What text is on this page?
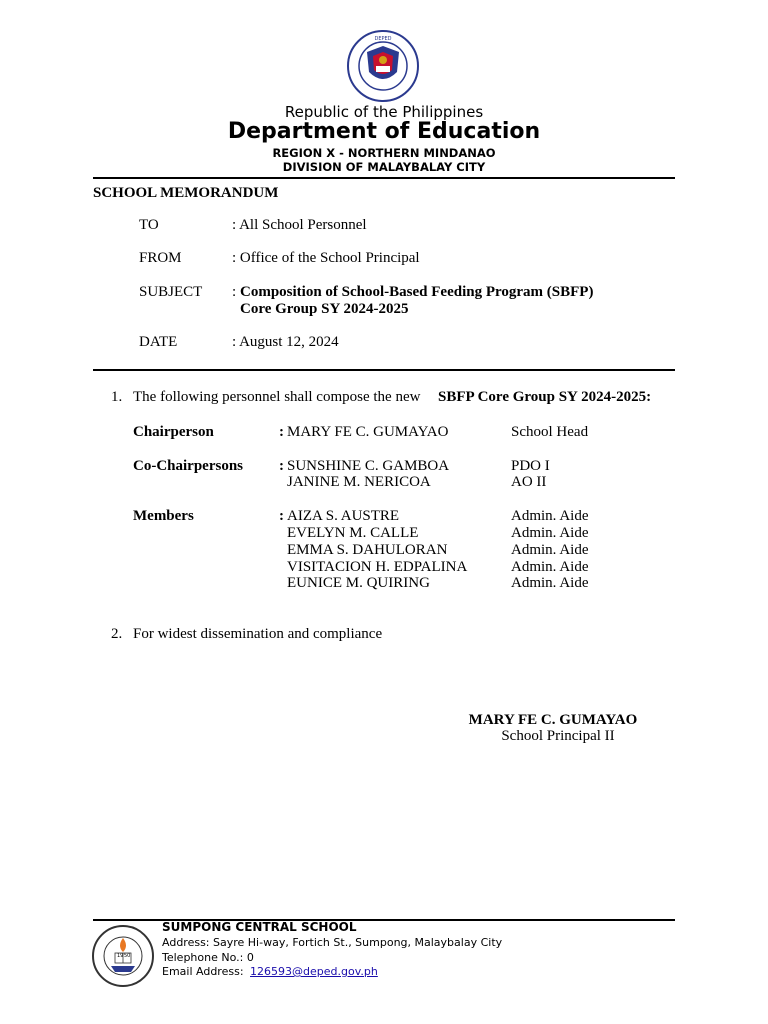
DEPED
Republic of the Philippines
Department of Education
REGION X - NORTHERN MINDANAO
DIVISION OF MALAYBALAY CITY
SCHOOL MEMORANDUM
TO	: All School Personnel
FROM	: Office of the School Principal
SUBJECT : Composition of School-Based Feeding Program (SBFP)
Core Group SY 2024-2025
DATE	: August 12, 2024
1. The following personnel shall compose the new SBFP Core Group SY 2024-2025:
Chairperson	: MARY FE C. GUMAYAO	School Head
Co-Chairpersons : SUNSHINE C. GAMBOA	PDO I
JANINE M. NERICOA	AO II
Members	: AIZA S. AUSTRE	Admin. Aide
EVELYN M. CALLE	Admin. Aide
EMMA S. DAHULORAN	Admin. Aide
VISITACION H. EDPALINA	Admin. Aide
EUNICE M. QUIRING	Admin. Aide
2. For widest dissemination and compliance
MARY FE C. GUMAYAO
School Principal II
19 50
SUMPONG CENTRAL SCHOOL
Address: Sayre Hi-way, Fortich St., Sumpong, Malaybalay City
Telephone No.: 0
Email Address: 126593@deped.gov.ph
